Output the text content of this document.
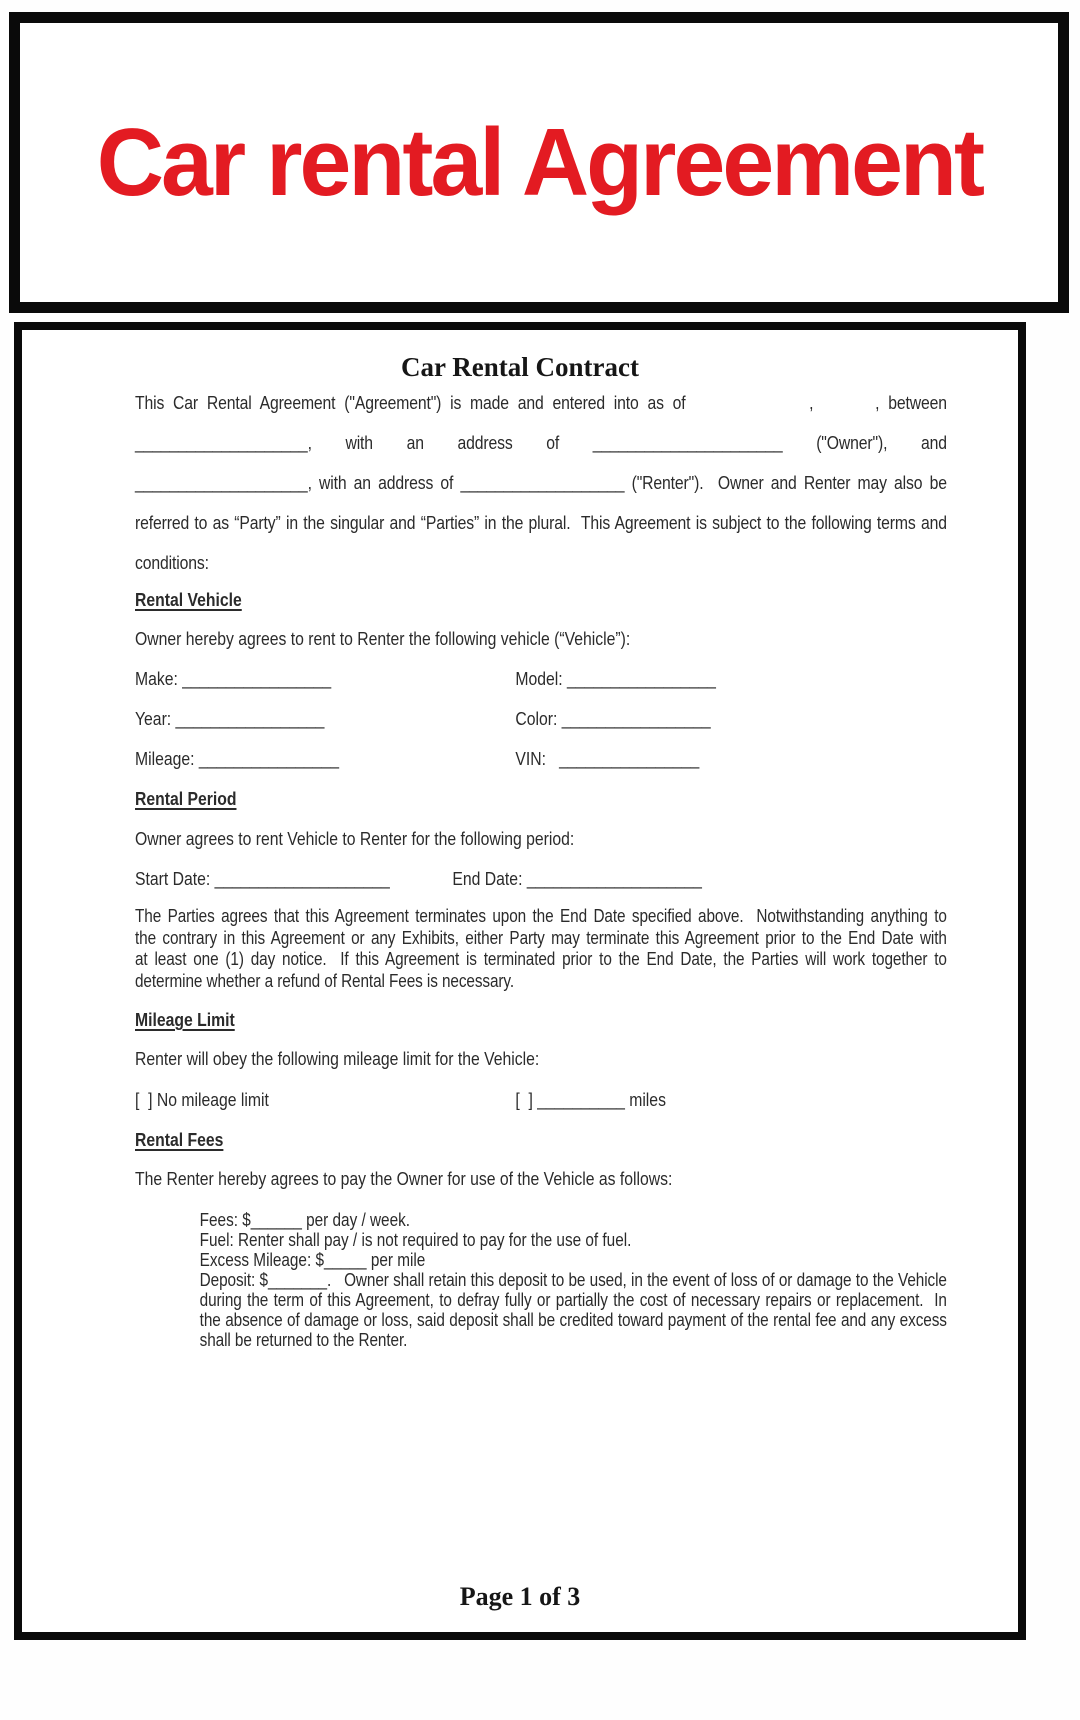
Car rental Agreement
Car Rental Contract
This Car Rental Agreement ("Agreement") is made and entered into as of              ,       , between
____________________, with an address of ______________________ ("Owner"), and
____________________, with an address of ___________________ ("Renter").  Owner and Renter may also be
referred to as “Party” in the singular and “Parties” in the plural.  This Agreement is subject to the following terms and
conditions:
Rental Vehicle
Owner hereby agrees to rent to Renter the following vehicle (“Vehicle”):
Make: _________________	Model: _________________
Year: _________________	Color: _________________
Mileage: ________________	VIN:   ________________
Rental Period
Owner agrees to rent Vehicle to Renter for the following period:
Start Date: ____________________	End Date: ____________________
The Parties agrees that this Agreement terminates upon the End Date specified above.  Notwithstanding anything to
the contrary in this Agreement or any Exhibits, either Party may terminate this Agreement prior to the End Date with
at least one (1) day notice.  If this Agreement is terminated prior to the End Date, the Parties will work together to
determine whether a refund of Rental Fees is necessary.
Mileage Limit
Renter will obey the following mileage limit for the Vehicle:
[  ] No mileage limit	[  ] __________ miles
Rental Fees
The Renter hereby agrees to pay the Owner for use of the Vehicle as follows:
Fees: $______ per day / week.
Fuel: Renter shall pay / is not required to pay for the use of fuel.
Excess Mileage: $_____ per mile
Deposit: $_______.   Owner shall retain this deposit to be used, in the event of loss of or damage to the Vehicle during the term of this Agreement, to defray fully or partially the cost of necessary repairs or replacement.  In the absence of damage or loss, said deposit shall be credited toward payment of the rental fee and any excess shall be returned to the Renter.
Page 1 of 3
